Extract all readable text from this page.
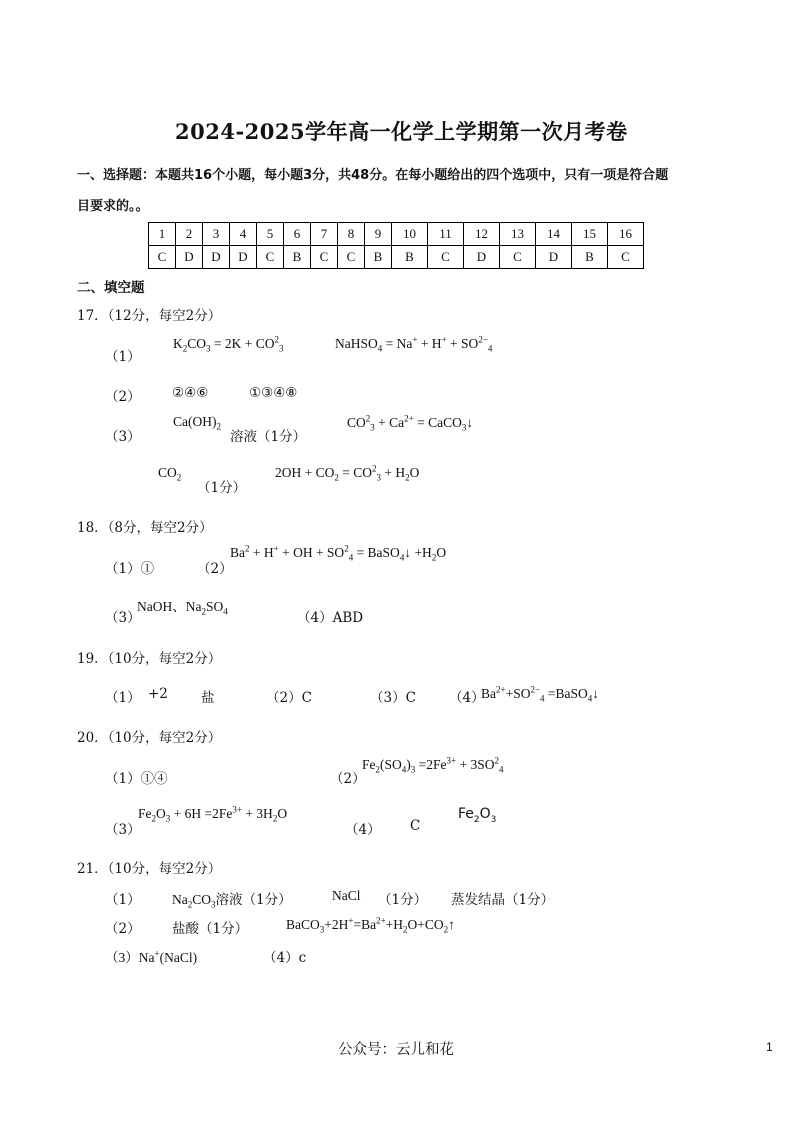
2024-2025学年高一化学上学期第一次月考卷
一、选择题：本题共16个小题，每小题3分，共48分。在每小题给出的四个选项中，只有一项是符合题
目要求的。。
1	2	3	4	5	6	7	8	9	10	11	12	13	14	15	16
C	D	D	D	C	B	C	C	B	B	C	D	C	D	B	C
二、填空题
17．（12分，每空2分）
（1）
$K_2CO_3 = 2K + CO^2_3$	NaHSO$_4$ = $Na^+ + H^+ + SO^{2-}_4$
（2） ②④⑥	①③④⑧
（3）
$Ca(OH)_2$
溶液（1分）
$CO^2_3 + Ca^{2+}$ = CaCO$_3$↓
$CO_2$
（1分）
$2OH + CO_2 = CO^2_3 + H_2O$
18．（8分，每空2分）
（1）①	（2）
$Ba^2 + H^+$ + OH + $SO^2_4$ = BaSO$_4$↓ $+H_2O$
（3）
NaOH、$Na_2SO_4$	（4）ABD
19．（10分，每空2分）
（1） +2 盐	（2）C	（3）C （4）
$Ba^{2+}+SO^{2-}_4$ =BaSO$_4$↓
20．（10分，每空2分）
（1）①④	（2）
$Fe_2(SO_4)_3 =2Fe^{3+} + 3SO^2_4$
（3）
$Fe_2O_3 + 6H =2Fe^{3+} + 3H_2O$
（4） C
$Fe_2O_3$
21．（10分，每空2分）
（1） $Na_2CO_3$溶液（1分）	NaCl （1分） 蒸发结晶（1分）
（2） 盐酸（1分）	$BaCO_3+2H^+=Ba^{2+}+H_2O+CO_2↑$
（3）Na+(NaCl)	（4）c
公众号：云儿和花	1
